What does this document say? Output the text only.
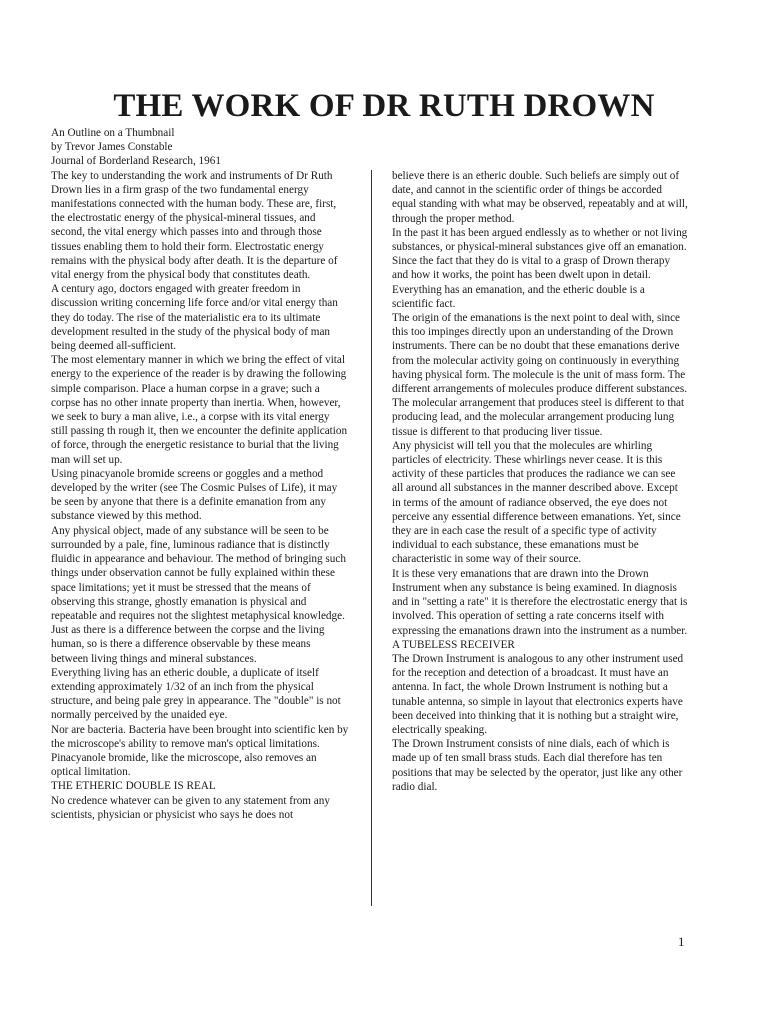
THE WORK OF DR RUTH DROWN

An Outline on a Thumbnail

by Trevor James Constable

Journal of Borderland Research, 1961

The key to understanding the work and instruments of Dr Ruth Drown lies in a firm grasp of the two fundamental energy manifestations connected with the human body. These are, first, the electrostatic energy of the physical-mineral tissues, and second, the vital energy which passes into and through those tissues enabling them to hold their form. Electrostatic energy remains with the physical body after death. It is the departure of vital energy from the physical body that constitutes death.

A century ago, doctors engaged with greater freedom in discussion writing concerning life force and/or vital energy than they do today. The rise of the materialistic era to its ultimate development resulted in the study of the physical body of man being deemed all-sufficient.

The most elementary manner in which we bring the effect of vital energy to the experience of the reader is by drawing the following simple comparison. Place a human corpse in a grave; such a corpse has no other innate property than inertia. When, however, we seek to bury a man alive, i.e., a corpse with its vital energy still passing th rough it, then we encounter the definite application of force, through the energetic resistance to burial that the living man will set up.

Using pinacyanole bromide screens or goggles and a method developed by the writer (see The Cosmic Pulses of Life), it may be seen by anyone that there is a definite emanation from any substance viewed by this method.

Any physical object, made of any substance will be seen to be surrounded by a pale, fine, luminous radiance that is distinctly fluidic in appearance and behaviour. The method of bringing such things under observation cannot be fully explained within these space limitations; yet it must be stressed that the means of observing this strange, ghostly emanation is physical and repeatable and requires not the slightest metaphysical knowledge.

Just as there is a difference between the corpse and the living human, so is there a difference observable by these means between living things and mineral substances.

Everything living has an etheric double, a duplicate of itself extending approximately 1/32 of an inch from the physical structure, and being pale grey in appearance. The "double" is not normally perceived by the unaided eye.

Nor are bacteria. Bacteria have been brought into scientific ken by the microscope's ability to remove man's optical limitations. Pinacyanole bromide, like the microscope, also removes an optical limitation.

THE ETHERIC DOUBLE IS REAL

No credence whatever can be given to any statement from any scientists, physician or physicist who says he does not

believe there is an etheric double. Such beliefs are simply out of date, and cannot in the scientific order of things be accorded equal standing with what may be observed, repeatably and at will, through the proper method.

In the past it has been argued endlessly as to whether or not living substances, or physical-mineral substances give off an emanation. Since the fact that they do is vital to a grasp of Drown therapy and how it works, the point has been dwelt upon in detail. Everything has an emanation, and the etheric double is a scientific fact.

The origin of the emanations is the next point to deal with, since this too impinges directly upon an understanding of the Drown instruments. There can be no doubt that these emanations derive from the molecular activity going on continuously in everything having physical form. The molecule is the unit of mass form. The different arrangements of molecules produce different substances. The molecular arrangement that produces steel is different to that producing lead, and the molecular arrangement producing lung tissue is different to that producing liver tissue.

Any physicist will tell you that the molecules are whirling particles of electricity. These whirlings never cease. It is this activity of these particles that produces the radiance we can see all around all substances in the manner described above. Except in terms of the amount of radiance observed, the eye does not perceive any essential difference between emanations. Yet, since they are in each case the result of a specific type of activity individual to each substance, these emanations must be characteristic in some way of their source.

It is these very emanations that are drawn into the Drown Instrument when any substance is being examined. In diagnosis and in "setting a rate" it is therefore the electrostatic energy that is involved. This operation of setting a rate concerns itself with expressing the emanations drawn into the instrument as a number.

A TUBELESS RECEIVER

The Drown Instrument is analogous to any other instrument used for the reception and detection of a broadcast. It must have an antenna. In fact, the whole Drown Instrument is nothing but a tunable antenna, so simple in layout that electronics experts have been deceived into thinking that it is nothing but a straight wire, electrically speaking.

The Drown Instrument consists of nine dials, each of which is made up of ten small brass studs. Each dial therefore has ten positions that may be selected by the operator, just like any other radio dial.

1
